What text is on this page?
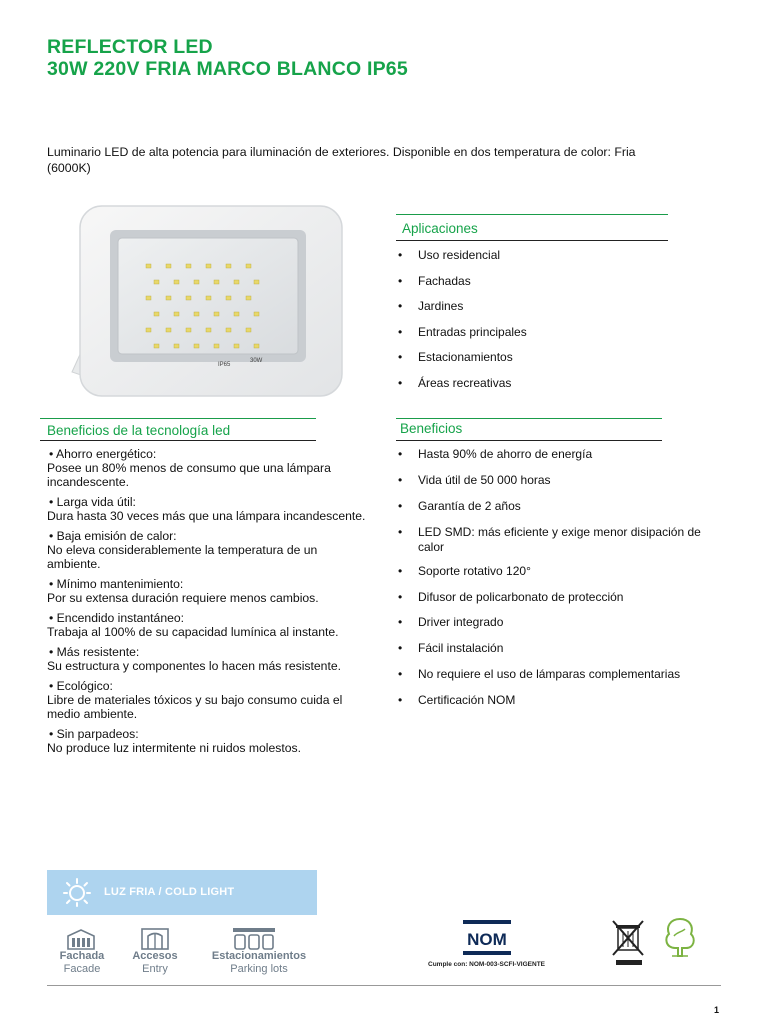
REFLECTOR LED
30W 220V FRIA MARCO BLANCO IP65
Luminario LED de alta potencia para iluminación de exteriores. Disponible en dos temperatura de color: Fria (6000K)
IP65
30W
Aplicaciones
• Uso residencial
• Fachadas
• Jardines
• Entradas principales
• Estacionamientos
• Áreas recreativas
Beneficios de la tecnología led
• Ahorro energético:
Posee un 80% menos de consumo que una lámpara incandescente.
• Larga vida útil:
Dura hasta 30 veces más que una lámpara incandescente.
• Baja emisión de calor:
No eleva considerablemente la temperatura de un ambiente.
• Mínimo mantenimiento:
Por su extensa duración requiere menos cambios.
• Encendido instantáneo:
Trabaja al 100% de su capacidad lumínica al instante.
• Más resistente:
Su estructura y componentes lo hacen más resistente.
• Ecológico:
Libre de materiales tóxicos y su bajo consumo cuida el medio ambiente.
• Sin parpadeos:
No produce luz intermitente ni ruidos molestos.
Beneficios
• Hasta 90% de ahorro de energía
• Vida útil de 50 000 horas
• Garantía de 2 años
• LED SMD: más eficiente y exige menor disipación de calor
• Soporte rotativo 120°
• Difusor de policarbonato de protección
• Driver integrado
• Fácil instalación
• No requiere el uso de lámparas complementarias
• Certificación NOM
LUZ FRIA / COLD LIGHT
Fachada
Facade
Accesos
Entry
Estacionamientos
Parking lots
NOM
Cumple con: NOM-003-SCFI-VIGENTE
1
